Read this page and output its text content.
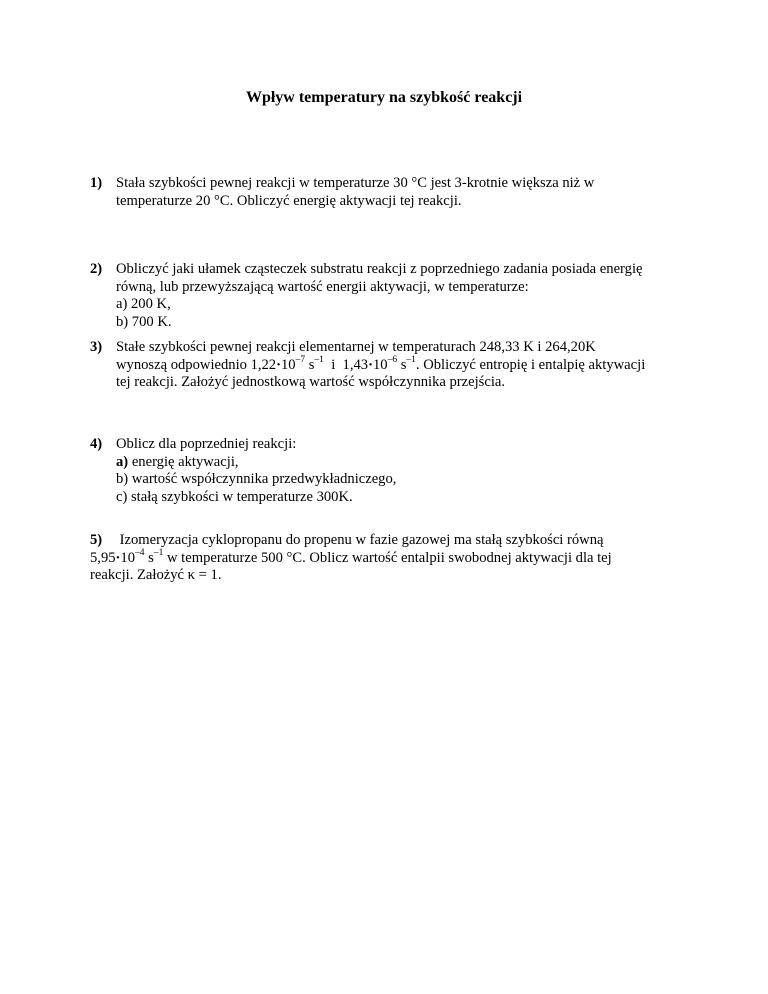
Wpływ temperatury na szybkość reakcji
1) Stała szybkości pewnej reakcji w temperaturze 30 °C jest 3-krotnie większa niż w
temperaturze 20 °C. Obliczyć energię aktywacji tej reakcji.
2) Obliczyć jaki ułamek cząsteczek substratu reakcji z poprzedniego zadania posiada energię
równą, lub przewyższającą wartość energii aktywacji, w temperaturze:
a) 200 K,
b) 700 K.
3) Stałe szybkości pewnej reakcji elementarnej w temperaturach 248,33 K i 264,20K
wynoszą odpowiednio $1,22\cdot 10^{-7}$ $s^{-1}$  i  $1,43\cdot 10^{-6}$ $s^{-1}$. Obliczyć entropię i entalpię aktywacji
tej reakcji. Założyć jednostkową wartość współczynnika przejścia.
4) Oblicz dla poprzedniej reakcji:
a) energię aktywacji,
b) wartość współczynnika przedwykładniczego,
c) stałą szybkości w temperaturze 300K.
5) Izomeryzacja cyklopropanu do propenu w fazie gazowej ma stałą szybkości równą
$5,95\cdot 10^{-4}$ $s^{-1}$ w temperaturze 500 °C. Oblicz wartość entalpii swobodnej aktywacji dla tej
reakcji. Założyć κ = 1.
